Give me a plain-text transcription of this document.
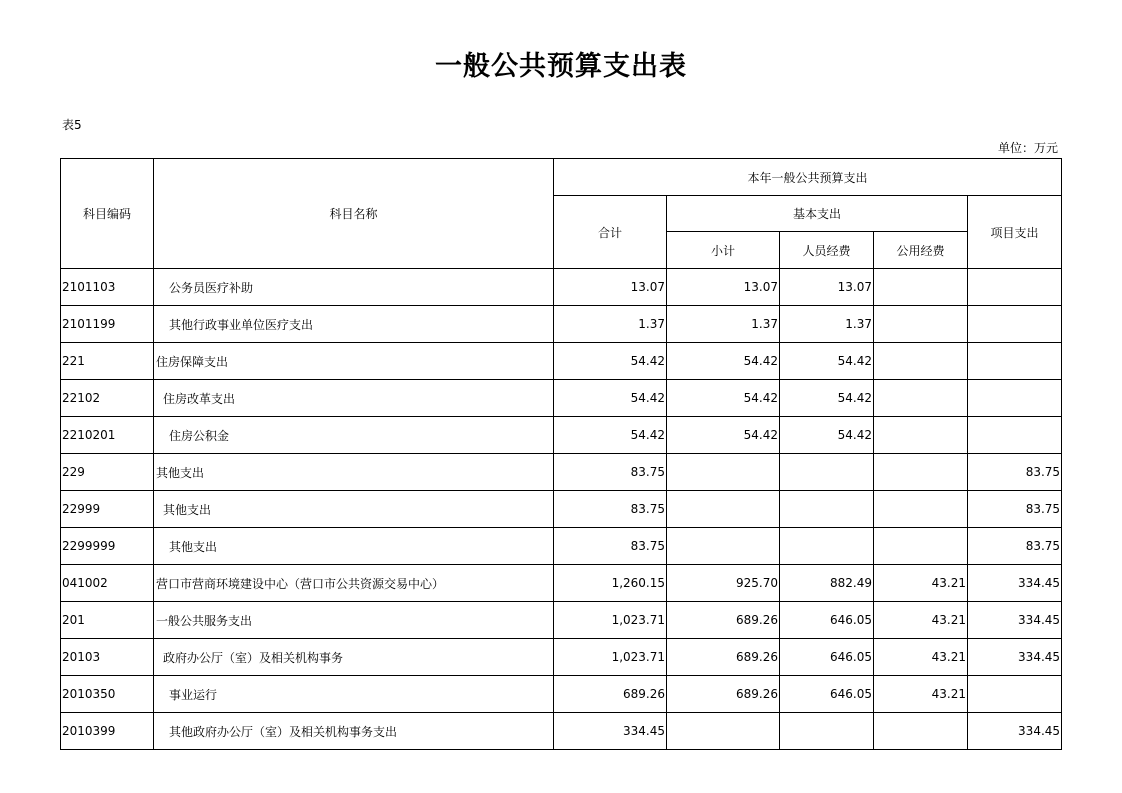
一般公共预算支出表
表5
单位：万元
科目编码	科目名称	本年一般公共预算支出				
		合计	基本支出			项目支出
			小计	人员经费	公用经费	
2101103	公务员医疗补助	13.07	13.07	13.07		
2101199	其他行政事业单位医疗支出	1.37	1.37	1.37		
221	住房保障支出	54.42	54.42	54.42		
22102	住房改革支出	54.42	54.42	54.42		
2210201	住房公积金	54.42	54.42	54.42		
229	其他支出	83.75				83.75
22999	其他支出	83.75				83.75
2299999	其他支出	83.75				83.75
041002	营口市营商环境建设中心（营口市公共资源交易中心）	1,260.15	925.70	882.49	43.21	334.45
201	一般公共服务支出	1,023.71	689.26	646.05	43.21	334.45
20103	政府办公厅（室）及相关机构事务	1,023.71	689.26	646.05	43.21	334.45
2010350	事业运行	689.26	689.26	646.05	43.21	
2010399	其他政府办公厅（室）及相关机构事务支出	334.45				334.45
